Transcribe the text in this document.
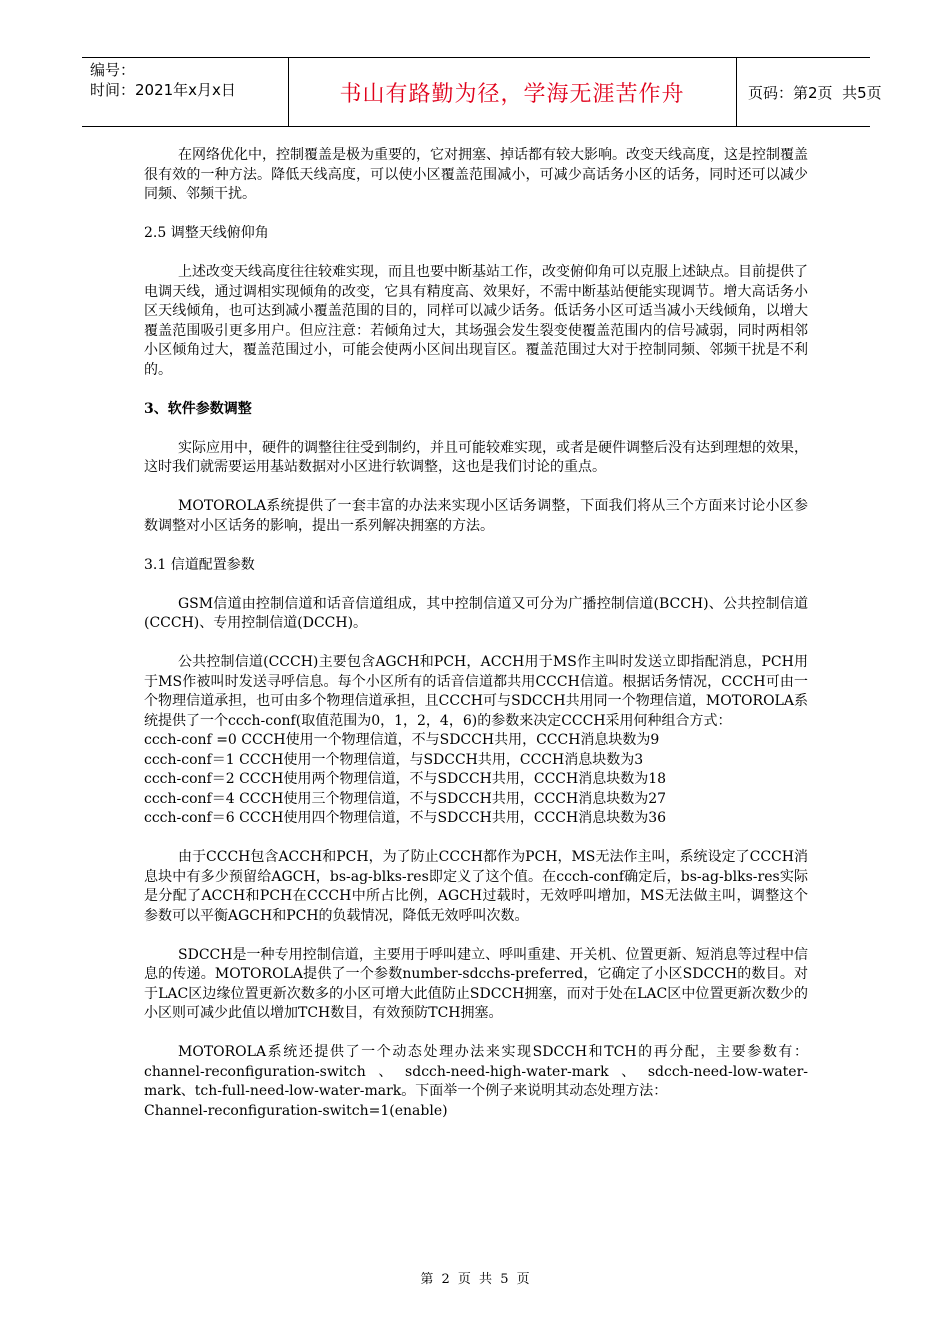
编号：
时间：2021年x月x日	书山有路勤为径，学海无涯苦作舟	页码：第2页  共5页

在网络优化中，控制覆盖是极为重要的，它对拥塞、掉话都有较大影响。改变天线高度，这是控制覆盖很有效的一种方法。降低天线高度，可以使小区覆盖范围减小，可减少高话务小区的话务，同时还可以减少同频、邻频干扰。

2.5 调整天线俯仰角

上述改变天线高度往往较难实现，而且也要中断基站工作，改变俯仰角可以克服上述缺点。目前提供了电调天线，通过调相实现倾角的改变，它具有精度高、效果好，不需中断基站便能实现调节。增大高话务小区天线倾角，也可达到减小覆盖范围的目的，同样可以减少话务。低话务小区可适当减小天线倾角，以增大覆盖范围吸引更多用户。但应注意：若倾角过大，其场强会发生裂变使覆盖范围内的信号减弱，同时两相邻小区倾角过大，覆盖范围过小，可能会使两小区间出现盲区。覆盖范围过大对于控制同频、邻频干扰是不利的。

3、软件参数调整

实际应用中，硬件的调整往往受到制约，并且可能较难实现，或者是硬件调整后没有达到理想的效果，这时我们就需要运用基站数据对小区进行软调整，这也是我们讨论的重点。

MOTOROLA系统提供了一套丰富的办法来实现小区话务调整，下面我们将从三个方面来讨论小区参数调整对小区话务的影响，提出一系列解决拥塞的方法。

3.1 信道配置参数

GSM信道由控制信道和话音信道组成，其中控制信道又可分为广播控制信道(BCCH)、公共控制信道(CCCH)、专用控制信道(DCCH)。

公共控制信道(CCCH)主要包含AGCH和PCH，ACCH用于MS作主叫时发送立即指配消息，PCH用于MS作被叫时发送寻呼信息。每个小区所有的话音信道都共用CCCH信道。根据话务情况，CCCH可由一个物理信道承担，也可由多个物理信道承担，且CCCH可与SDCCH共用同一个物理信道，MOTOROLA系统提供了一个ccch-conf(取值范围为0，1，2，4，6)的参数来决定CCCH采用何种组合方式：

ccch-conf =0 CCCH使用一个物理信道，不与SDCCH共用，CCCH消息块数为9
ccch-conf＝1 CCCH使用一个物理信道，与SDCCH共用，CCCH消息块数为3
ccch-conf＝2 CCCH使用两个物理信道，不与SDCCH共用，CCCH消息块数为18
ccch-conf＝4 CCCH使用三个物理信道，不与SDCCH共用，CCCH消息块数为27
ccch-conf＝6 CCCH使用四个物理信道，不与SDCCH共用，CCCH消息块数为36

由于CCCH包含ACCH和PCH，为了防止CCCH都作为PCH，MS无法作主叫，系统设定了CCCH消息块中有多少预留给AGCH，bs-ag-blks-res即定义了这个值。在ccch-conf确定后，bs-ag-blks-res实际是分配了ACCH和PCH在CCCH中所占比例，AGCH过载时，无效呼叫增加，MS无法做主叫，调整这个参数可以平衡AGCH和PCH的负载情况，降低无效呼叫次数。

SDCCH是一种专用控制信道，主要用于呼叫建立、呼叫重建、开关机、位置更新、短消息等过程中信息的传递。MOTOROLA提供了一个参数number-sdcchs-preferred，它确定了小区SDCCH的数目。对于LAC区边缘位置更新次数多的小区可增大此值防止SDCCH拥塞，而对于处在LAC区中位置更新次数少的小区则可减少此值以增加TCH数目，有效预防TCH拥塞。

MOTOROLA系统还提供了一个动态处理办法来实现SDCCH和TCH的再分配，主要参数有：channel-reconfiguration-switch、sdcch-need-high-water-mark、sdcch-need-low-water-mark、tch-full-need-low-water-mark。下面举一个例子来说明其动态处理方法：

Channel-reconfiguration-switch=1(enable)
第 2 页 共 5 页
